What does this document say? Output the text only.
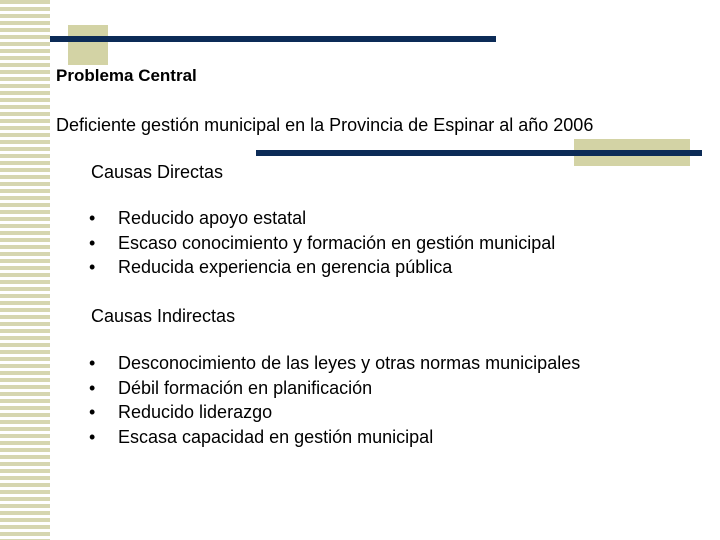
Problema Central
Deficiente gestión municipal en la Provincia de Espinar al año 2006
Causas Directas
•	Reducido apoyo estatal
•	Escaso conocimiento y formación en gestión municipal
•	Reducida experiencia en gerencia pública
Causas Indirectas
•	Desconocimiento de las leyes y otras normas municipales
•	Débil formación en planificación
•	Reducido liderazgo
•	Escasa capacidad en gestión municipal
